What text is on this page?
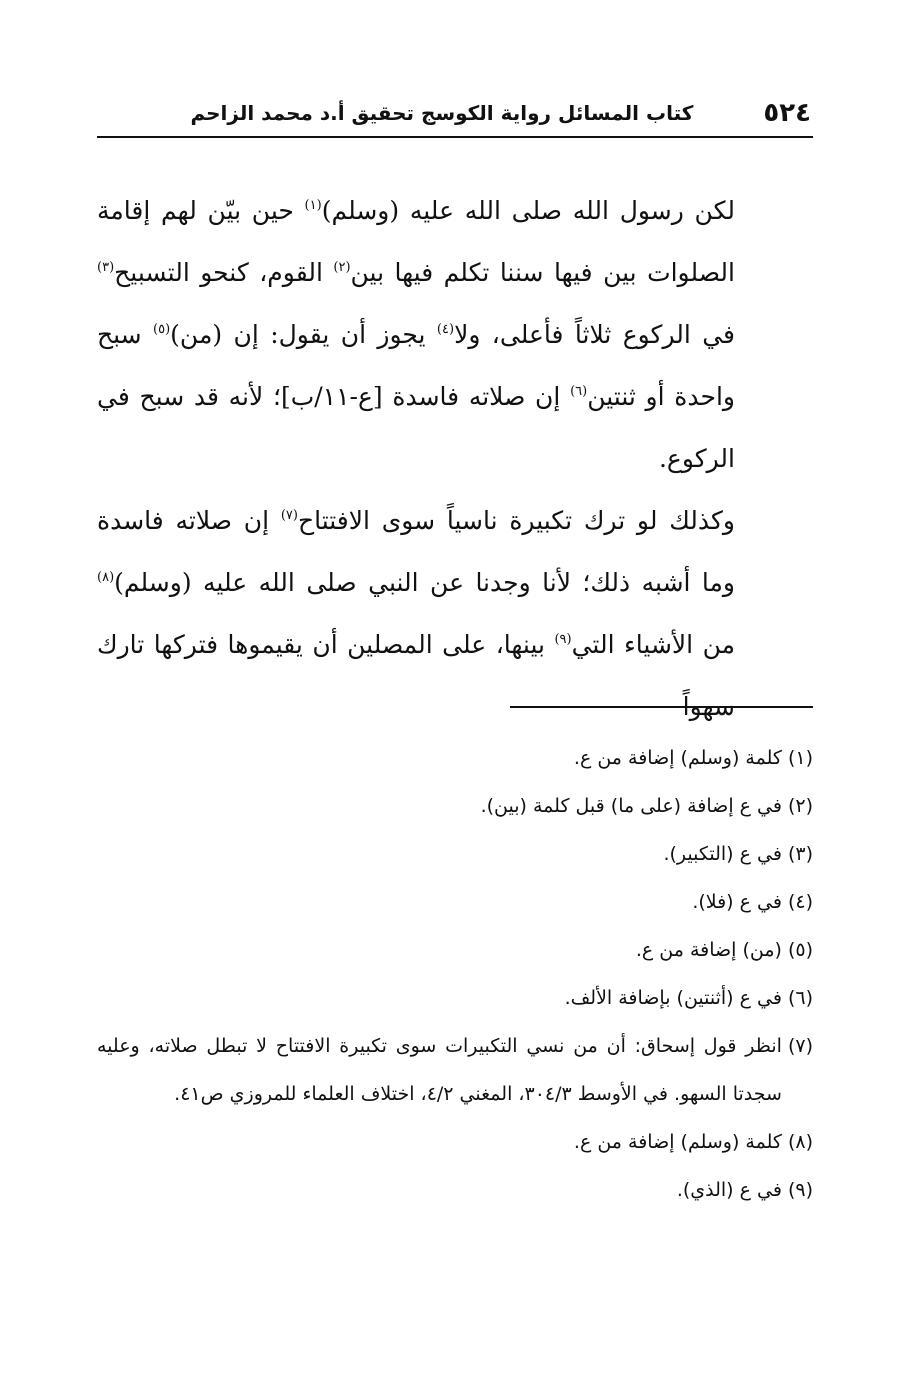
٥٢٤
كتاب المسائل رواية الكوسج تحقيق أ.د محمد الزاحم

لكن رسول الله صلى الله عليه (وسلم)$^{(١)}$ حين بيّن لهم إقامة الصلوات بين فيها سننا تكلم فيها بين$^{(٢)}$ القوم، كنحو التسبيح$^{(٣)}$ في الركوع ثلاثاً فأعلى، ولا$^{(٤)}$ يجوز أن يقول: إن (من)$^{(٥)}$ سبح واحدة أو ثنتين$^{(٦)}$ إن صلاته فاسدة [ع-١١/ب]؛ لأنه قد سبح في الركوع.

وكذلك لو ترك تكبيرة ناسياً سوى الافتتاح$^{(٧)}$ إن صلاته فاسدة وما أشبه ذلك؛ لأنا وجدنا عن النبي صلى الله عليه (وسلم)$^{(٨)}$ من الأشياء التي$^{(٩)}$ بينها، على المصلين أن يقيموها فتركها تارك سهواً

(١)
كلمة (وسلم) إضافة من ع.
(٢)
في ع إضافة (على ما) قبل كلمة (بين).
(٣)
في ع (التكبير).
(٤)
في ع (فلا).
(٥)
(من) إضافة من ع.
(٦)
في ع (أثنتين) بإضافة الألف.
(٧)
انظر قول إسحاق: أن من نسي التكبيرات سوى تكبيرة الافتتاح لا تبطل صلاته، وعليه سجدتا السهو. في الأوسط ٣٠٤/٣، المغني ٤/٢، اختلاف العلماء للمروزي ص٤١.
(٨)
كلمة (وسلم) إضافة من ع.
(٩)
في ع (الذي).
